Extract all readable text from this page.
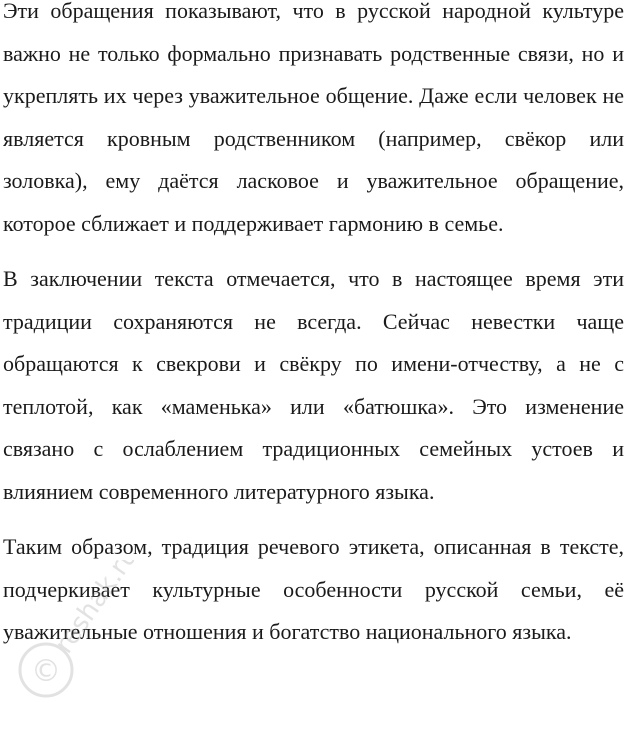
Эти обращения показывают, что в русской народной культуре важно не только формально признавать родственные связи, но и укреплять их через уважительное общение. Даже если человек не является кровным родственником (например, свёкор или золовка), ему даётся ласковое и уважительное обращение, которое сближает и поддерживает гармонию в семье.

В заключении текста отмечается, что в настоящее время эти традиции сохраняются не всегда. Сейчас невестки чаще обращаются к свекрови и свёкру по имени-отчеству, а не с теплотой, как «маменька» или «батюшка». Это изменение связано с ослаблением традиционных семейных устоев и влиянием современного литературного языка.

Таким образом, традиция речевого этикета, описанная в тексте, подчеркивает культурные особенности русской семьи, её уважительные отношения и богатство национального языка.

©
reshak.ru
